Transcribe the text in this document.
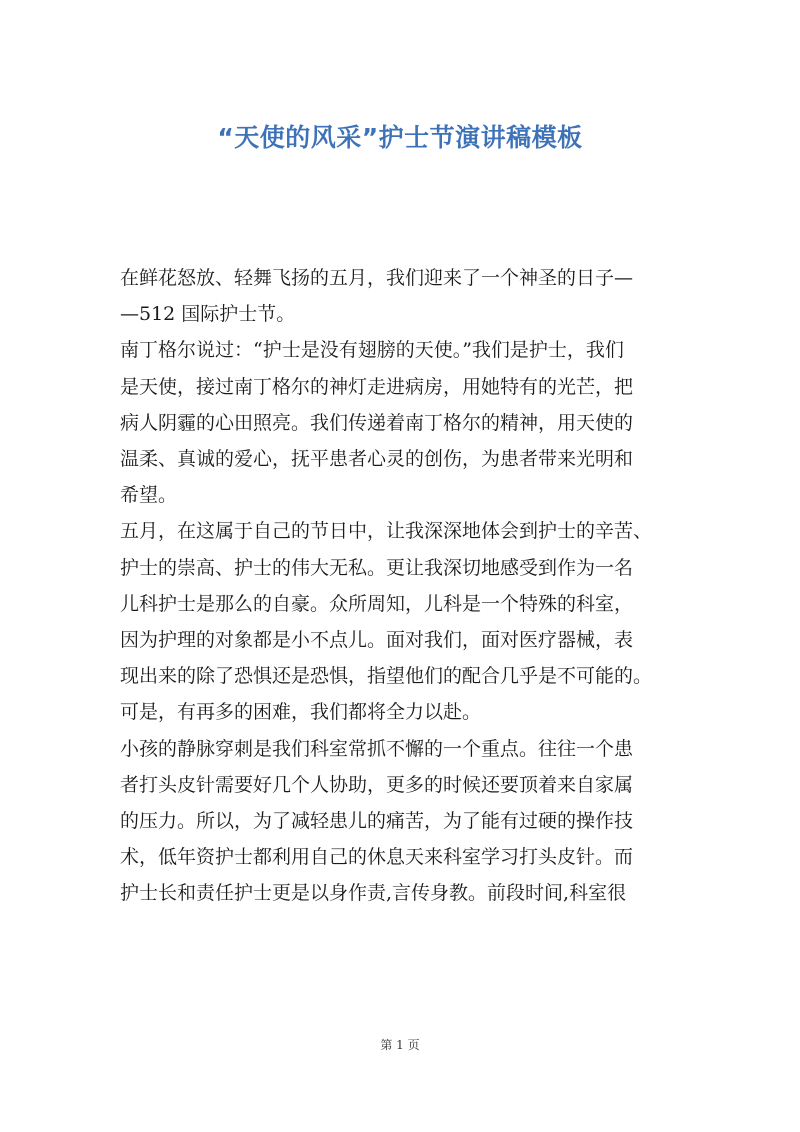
“天使的风采”护士节演讲稿模板

在鲜花怒放、轻舞飞扬的五月，我们迎来了一个神圣的日子—

—512 国际护士节。

南丁格尔说过：“护士是没有翅膀的天使。”我们是护士，我们

是天使，接过南丁格尔的神灯走进病房，用她特有的光芒，把

病人阴霾的心田照亮。我们传递着南丁格尔的精神，用天使的

温柔、真诚的爱心，抚平患者心灵的创伤，为患者带来光明和

希望。

五月，在这属于自己的节日中，让我深深地体会到护士的辛苦、

护士的崇高、护士的伟大无私。更让我深切地感受到作为一名

儿科护士是那么的自豪。众所周知，儿科是一个特殊的科室，

因为护理的对象都是小不点儿。面对我们，面对医疗器械，表

现出来的除了恐惧还是恐惧，指望他们的配合几乎是不可能的。

可是，有再多的困难，我们都将全力以赴。

小孩的静脉穿刺是我们科室常抓不懈的一个重点。往往一个患

者打头皮针需要好几个人协助，更多的时候还要顶着来自家属

的压力。所以，为了减轻患儿的痛苦，为了能有过硬的操作技

术，低年资护士都利用自己的休息天来科室学习打头皮针。而

护士长和责任护士更是以身作责,言传身教。前段时间,科室很

第 1 页
